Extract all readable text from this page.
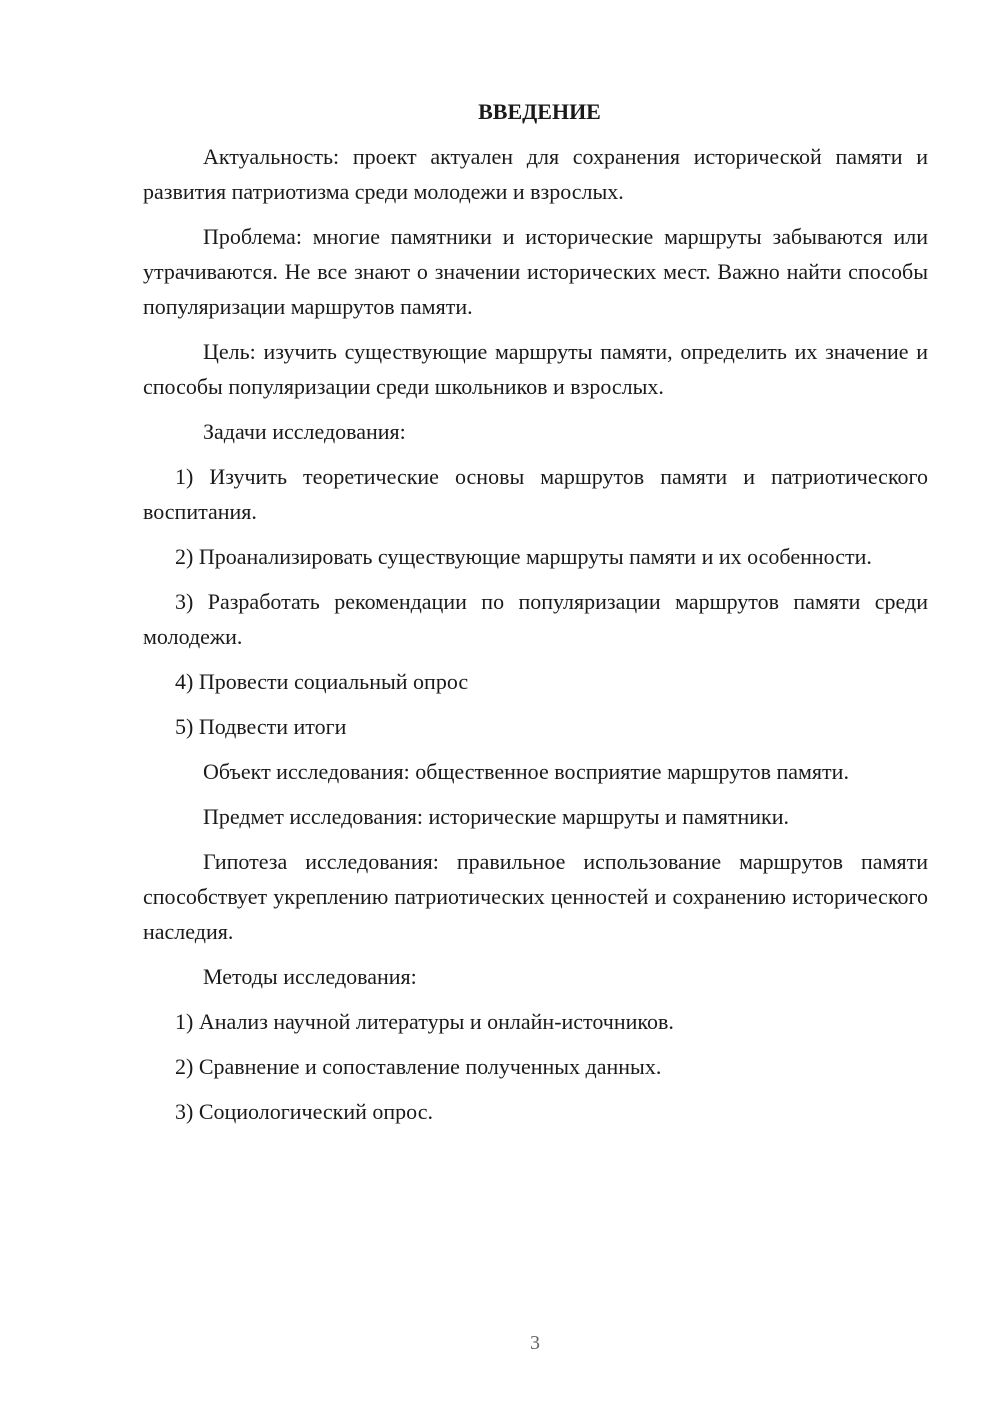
ВВЕДЕНИЕ

Актуальность: проект актуален для сохранения исторической памяти и развития патриотизма среди молодежи и взрослых.

Проблема: многие памятники и исторические маршруты забываются или утрачиваются. Не все знают о значении исторических мест. Важно найти способы популяризации маршрутов памяти.

Цель: изучить существующие маршруты памяти, определить их значение и способы популяризации среди школьников и взрослых.

Задачи исследования:

1) Изучить теоретические основы маршрутов памяти и патриотического воспитания.

2) Проанализировать существующие маршруты памяти и их особенности.

3) Разработать рекомендации по популяризации маршрутов памяти среди молодежи.

4) Провести социальный опрос

5) Подвести итоги

Объект исследования: общественное восприятие маршрутов памяти.

Предмет исследования: исторические маршруты и памятники.

Гипотеза исследования: правильное использование маршрутов памяти способствует укреплению патриотических ценностей и сохранению исторического наследия.

Методы исследования:

1) Анализ научной литературы и онлайн-источников.

2) Сравнение и сопоставление полученных данных.

3) Социологический опрос.

3
